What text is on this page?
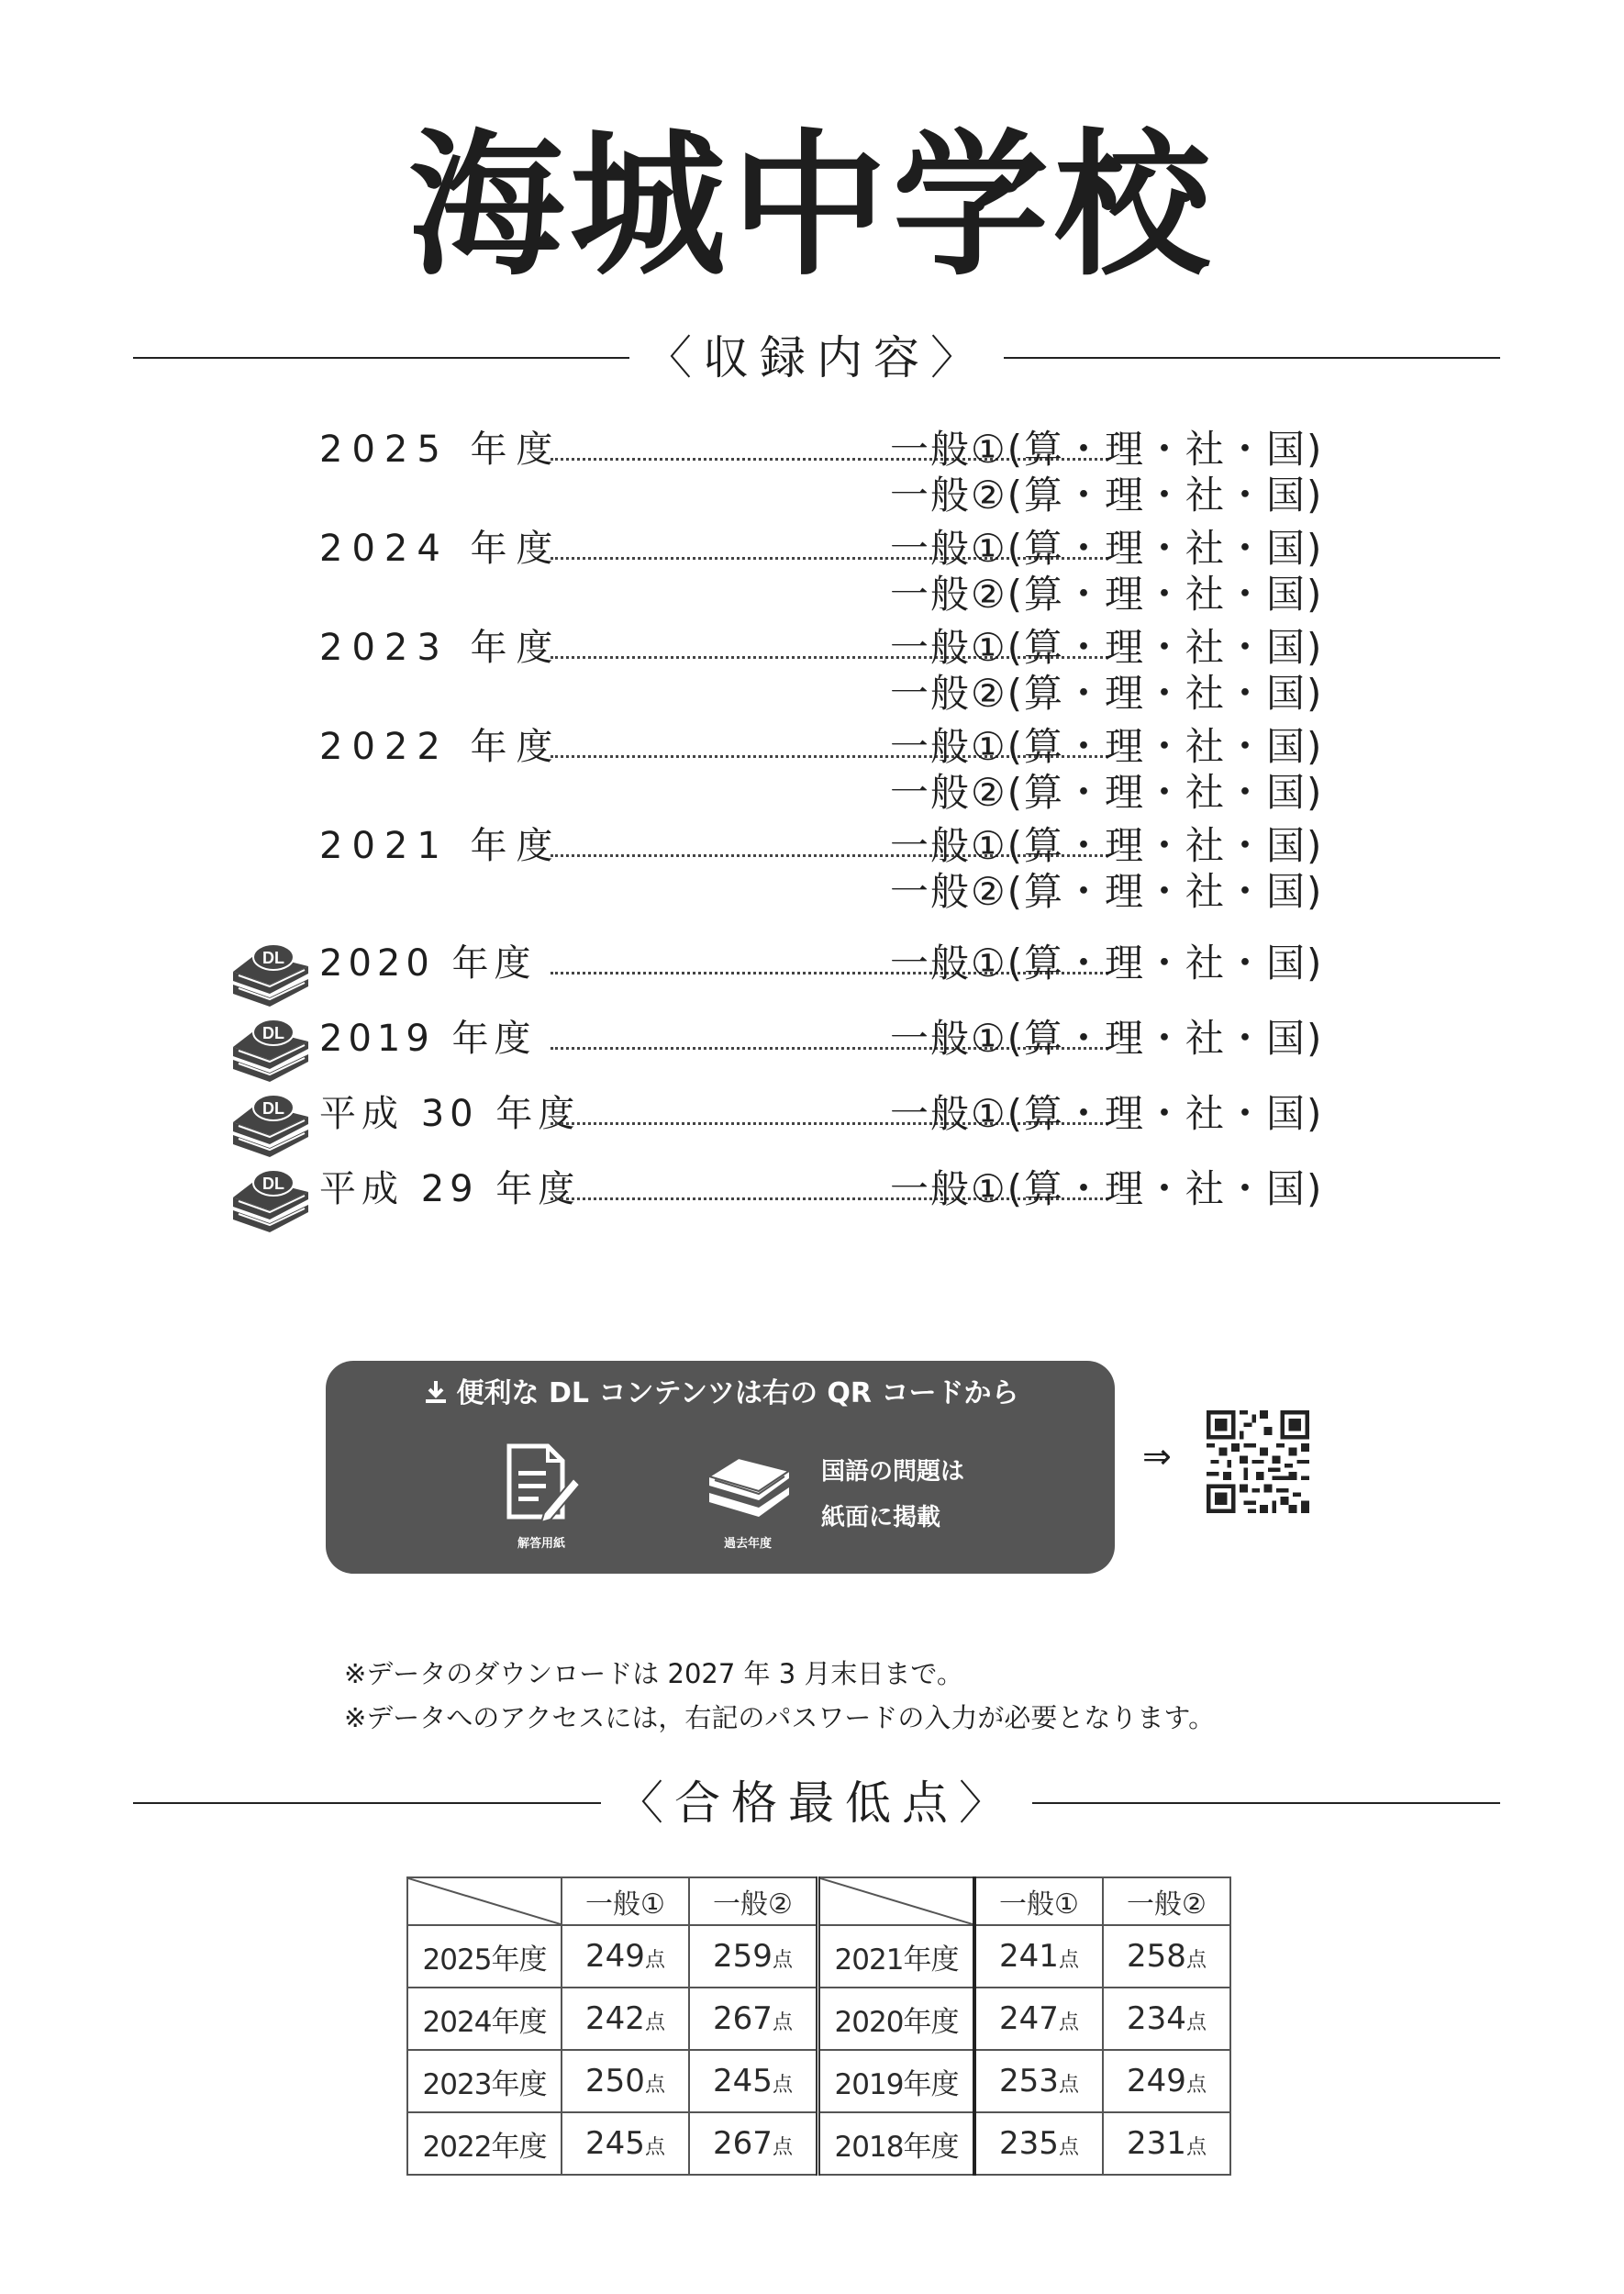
海城中学校
〈収録内容〉
2025 年度	一般①(算・理・社・国)
一般②(算・理・社・国)
2024 年度	一般①(算・理・社・国)
一般②(算・理・社・国)
2023 年度	一般①(算・理・社・国)
一般②(算・理・社・国)
2022 年度	一般①(算・理・社・国)
一般②(算・理・社・国)
2021 年度	一般①(算・理・社・国)
一般②(算・理・社・国)
DL 2020 年度	一般①(算・理・社・国)
DL 2019 年度	一般①(算・理・社・国)
DL 平成 30 年度	一般①(算・理・社・国)
DL 平成 29 年度	一般①(算・理・社・国)
便利な DL コンテンツは右の QR コードから
解答用紙	過去年度
国語の問題は
紙面に掲載
⇒
※データのダウンロードは 2027 年 3 月末日まで。
※データへのアクセスには，右記のパスワードの入力が必要となります。
〈合格最低点〉
	一般①	一般②		一般①	一般②
2025年度	249点	259点	2021年度	241点	258点
2024年度	242点	267点	2020年度	247点	234点
2023年度	250点	245点	2019年度	253点	249点
2022年度	245点	267点	2018年度	235点	231点
